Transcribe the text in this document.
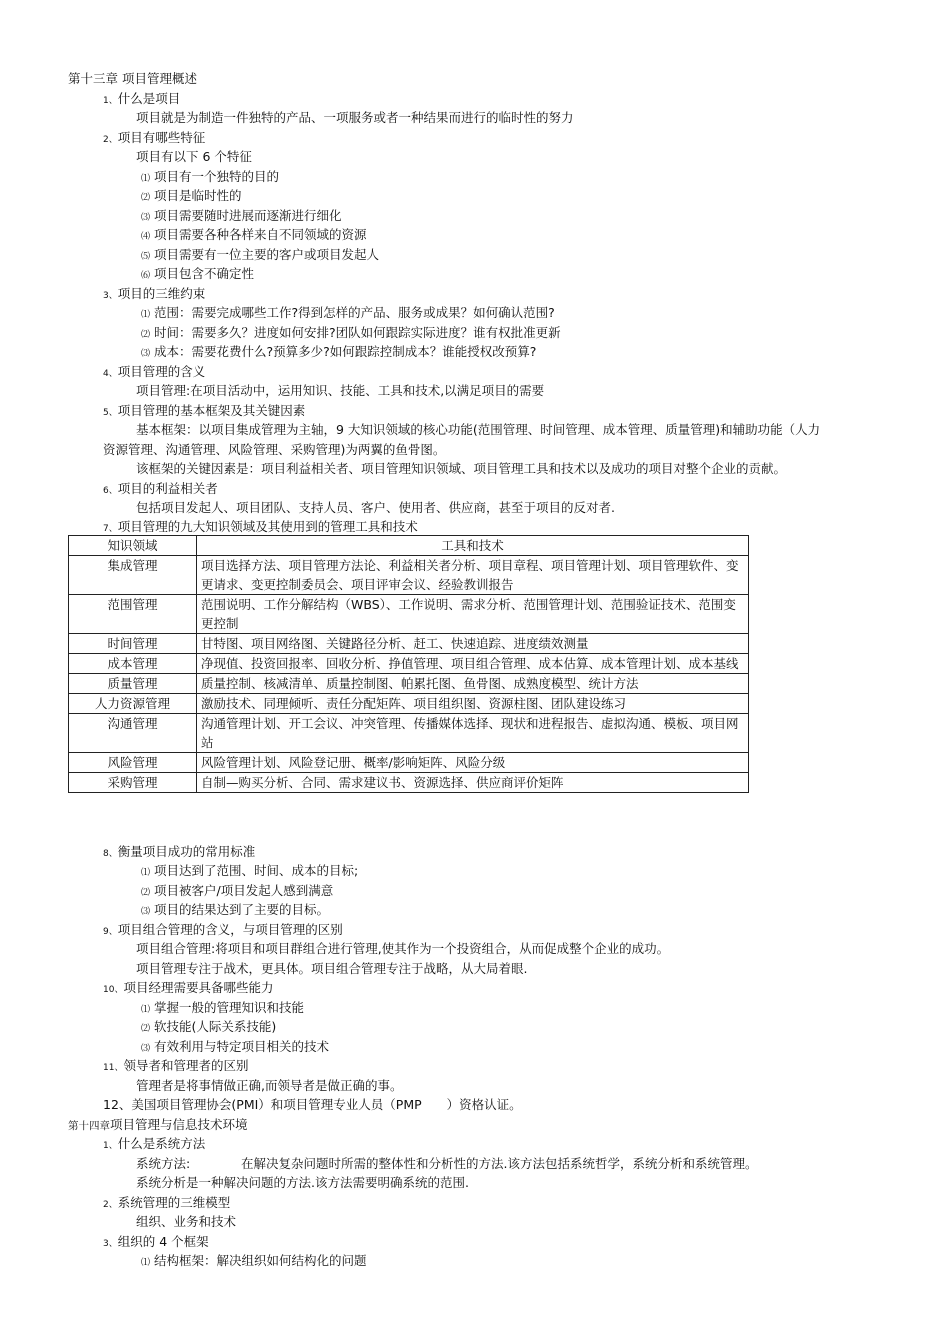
第十三章 项目管理概述
1、什么是项目
项目就是为制造一件独特的产品、一项服务或者一种结果而进行的临时性的努力
2、项目有哪些特征
项目有以下 6 个特征
⑴ 项目有一个独特的目的
⑵ 项目是临时性的
⑶ 项目需要随时进展而逐渐进行细化
⑷ 项目需要各种各样来自不同领域的资源
⑸ 项目需要有一位主要的客户或项目发起人
⑹ 项目包含不确定性
3、项目的三维约束
⑴ 范围：需要完成哪些工作?得到怎样的产品、服务或成果？如何确认范围?
⑵ 时间：需要多久？进度如何安排?团队如何跟踪实际进度？谁有权批准更新
⑶ 成本：需要花费什么?预算多少?如何跟踪控制成本？谁能授权改预算?
4、项目管理的含义
项目管理:在项目活动中，运用知识、技能、工具和技术,以满足项目的需要
5、项目管理的基本框架及其关键因素
基本框架：以项目集成管理为主轴，9 大知识领域的核心功能(范围管理、时间管理、成本管理、质量管理)和辅助功能（人力
资源管理、沟通管理、风险管理、采购管理)为两翼的鱼骨图。
该框架的关键因素是：项目利益相关者、项目管理知识领域、项目管理工具和技术以及成功的项目对整个企业的贡献。
6、项目的利益相关者
包括项目发起人、项目团队、支持人员、客户、使用者、供应商，甚至于项目的反对者.
7、项目管理的九大知识领域及其使用到的管理工具和技术
知识领域	工具和技术
集成管理	项目选择方法、项目管理方法论、利益相关者分析、项目章程、项目管理计划、项目管理软件、变更请求、变更控制委员会、项目评审会议、经验教训报告
范围管理	范围说明、工作分解结构（WBS）、工作说明、需求分析、范围管理计划、范围验证技术、范围变更控制
时间管理	甘特图、项目网络图、关键路径分析、赶工、快速追踪、进度绩效测量
成本管理	净现值、投资回报率、回收分析、挣值管理、项目组合管理、成本估算、成本管理计划、成本基线
质量管理	质量控制、核减清单、质量控制图、帕累托图、鱼骨图、成熟度模型、统计方法
人力资源管理	激励技术、同理倾听、责任分配矩阵、项目组织图、资源柱图、团队建设练习
沟通管理	沟通管理计划、开工会议、冲突管理、传播媒体选择、现状和进程报告、虚拟沟通、模板、项目网站
风险管理	风险管理计划、风险登记册、概率/影响矩阵、风险分级
采购管理	自制—购买分析、合同、需求建议书、资源选择、供应商评价矩阵
8、衡量项目成功的常用标准
⑴ 项目达到了范围、时间、成本的目标;
⑵ 项目被客户/项目发起人感到满意
⑶ 项目的结果达到了主要的目标。
9、项目组合管理的含义，与项目管理的区别
项目组合管理:将项目和项目群组合进行管理,使其作为一个投资组合，从而促成整个企业的成功。
项目管理专注于战术，更具体。项目组合管理专注于战略，从大局着眼.
10、项目经理需要具备哪些能力
⑴ 掌握一般的管理知识和技能
⑵ 软技能(人际关系技能)
⑶ 有效利用与特定项目相关的技术
11、领导者和管理者的区别
管理者是将事情做正确,而领导者是做正确的事。
12、美国项目管理协会(PMI）和项目管理专业人员（PMP　　）资格认证。
第十四章项目管理与信息技术环境
1、什么是系统方法
系统方法:	在解决复杂问题时所需的整体性和分析性的方法.该方法包括系统哲学，系统分析和系统管理。
系统分析是一种解决问题的方法.该方法需要明确系统的范围.
2、系统管理的三维模型
组织、业务和技术
3、组织的 4 个框架
⑴ 结构框架：解决组织如何结构化的问题
